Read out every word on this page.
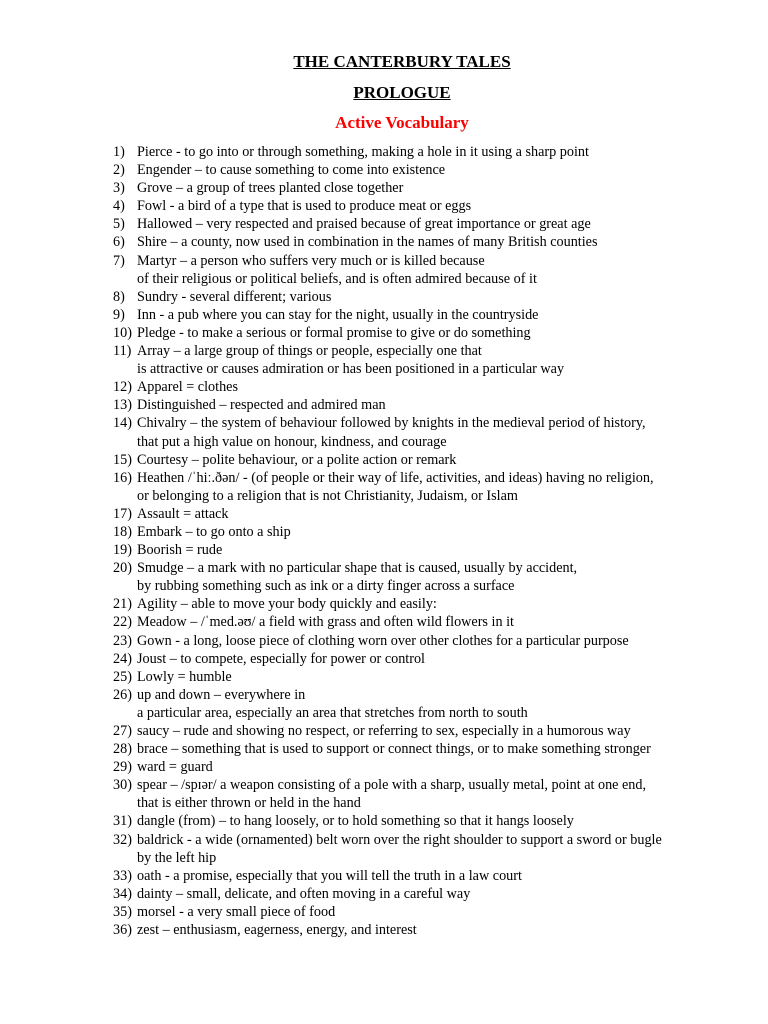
THE CANTERBURY TALES
PROLOGUE
Active Vocabulary
1) Pierce - to go into or through something, making a hole in it using a sharp point
2) Engender – to cause something to come into existence
3) Grove – a group of trees planted close together
4) Fowl - a bird of a type that is used to produce meat or eggs
5) Hallowed – very respected and praised because of great importance or great age
6) Shire – a county, now used in combination in the names of many British counties
7) Martyr – a person who suffers very much or is killed because
of their religious or political beliefs, and is often admired because of it
8) Sundry - several different; various
9) Inn - a pub where you can stay for the night, usually in the countryside
10) Pledge - to make a serious or formal promise to give or do something
11) Array – a large group of things or people, especially one that
is attractive or causes admiration or has been positioned in a particular way
12) Apparel = clothes
13) Distinguished – respected and admired man
14) Chivalry – the system of behaviour followed by knights in the medieval period of history,
that put a high value on honour, kindness, and courage
15) Courtesy – polite behaviour, or a polite action or remark
16) Heathen /ˈhiː.ðən/ - (of people or their way of life, activities, and ideas) having no religion,
or belonging to a religion that is not Christianity, Judaism, or Islam
17) Assault = attack
18) Embark – to go onto a ship
19) Boorish = rude
20) Smudge – a mark with no particular shape that is caused, usually by accident,
by rubbing something such as ink or a dirty finger across a surface
21) Agility – able to move your body quickly and easily:
22) Meadow – /ˈmed.əʊ/ a field with grass and often wild flowers in it
23) Gown - a long, loose piece of clothing worn over other clothes for a particular purpose
24) Joust – to compete, especially for power or control
25) Lowly = humble
26) up and down – everywhere in
a particular area, especially an area that stretches from north to south
27) saucy – rude and showing no respect, or referring to sex, especially in a humorous way
28) brace – something that is used to support or connect things, or to make something stronger
29) ward = guard
30) spear – /spɪər/ a weapon consisting of a pole with a sharp, usually metal, point at one end,
that is either thrown or held in the hand
31) dangle (from) – to hang loosely, or to hold something so that it hangs loosely
32) baldrick - a wide (ornamented) belt worn over the right shoulder to support a sword or bugle
by the left hip
33) oath - a promise, especially that you will tell the truth in a law court
34) dainty – small, delicate, and often moving in a careful way
35) morsel - a very small piece of food
36) zest – enthusiasm, eagerness, energy, and interest
